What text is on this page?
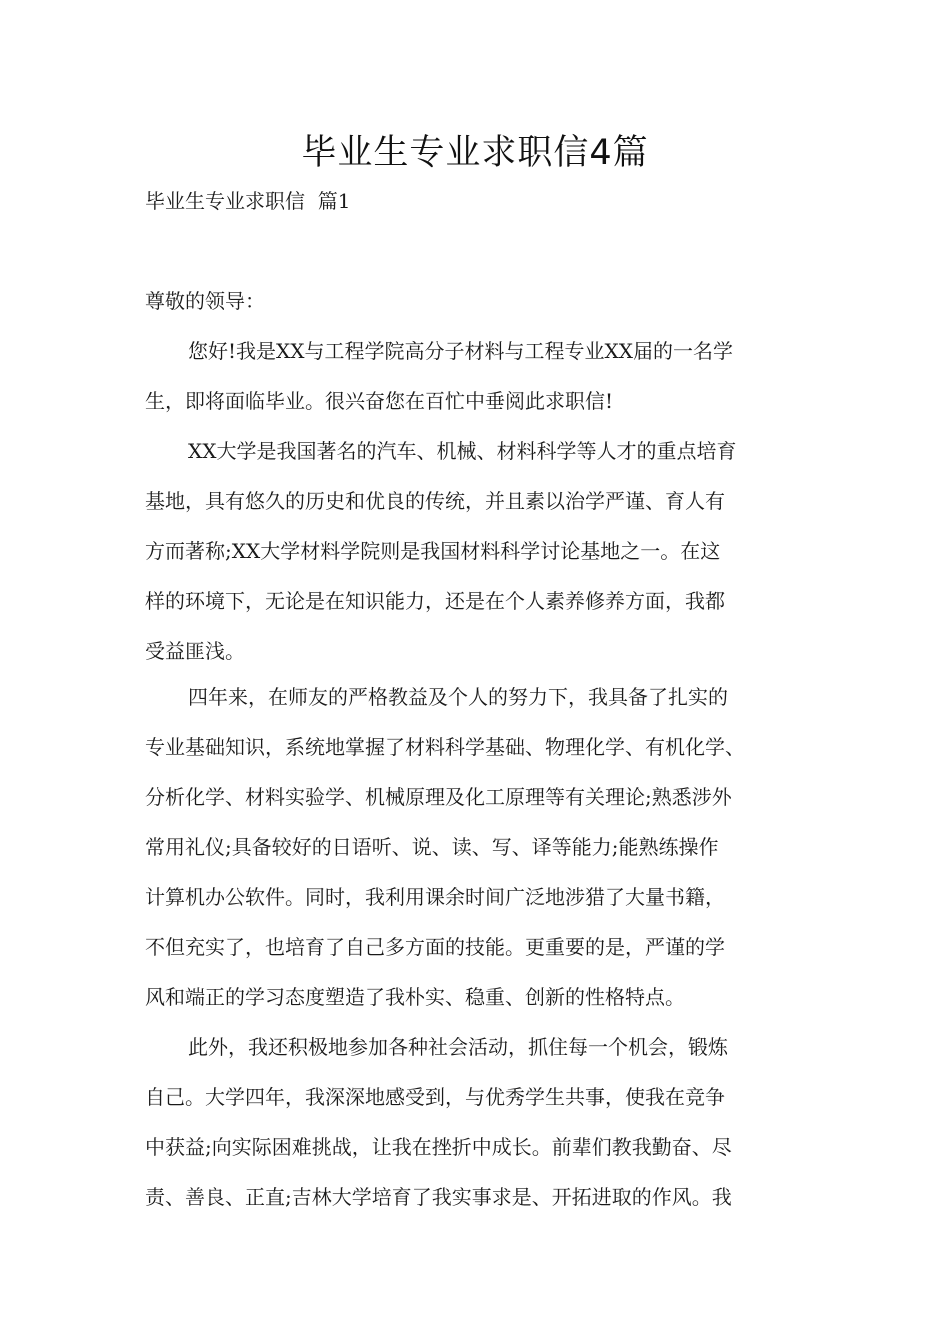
毕业生专业求职信4篇

毕业生专业求职信  篇1

尊敬的领导：

您好!我是XX与工程学院高分子材料与工程专业XX届的一名学
生，即将面临毕业。很兴奋您在百忙中垂阅此求职信!
XX大学是我国著名的汽车、机械、材料科学等人才的重点培育
基地，具有悠久的历史和优良的传统，并且素以治学严谨、育人有
方而著称;XX大学材料学院则是我国材料科学讨论基地之一。在这
样的环境下，无论是在知识能力，还是在个人素养修养方面，我都
受益匪浅。
四年来，在师友的严格教益及个人的努力下，我具备了扎实的
专业基础知识，系统地掌握了材料科学基础、物理化学、有机化学、
分析化学、材料实验学、机械原理及化工原理等有关理论;熟悉涉外
常用礼仪;具备较好的日语听、说、读、写、译等能力;能熟练操作
计算机办公软件。同时，我利用课余时间广泛地涉猎了大量书籍，
不但充实了，也培育了自己多方面的技能。更重要的是，严谨的学
风和端正的学习态度塑造了我朴实、稳重、创新的性格特点。
此外，我还积极地参加各种社会活动，抓住每一个机会，锻炼
自己。大学四年，我深深地感受到，与优秀学生共事，使我在竞争
中获益;向实际困难挑战，让我在挫折中成长。前辈们教我勤奋、尽
责、善良、正直;吉林大学培育了我实事求是、开拓进取的作风。我
